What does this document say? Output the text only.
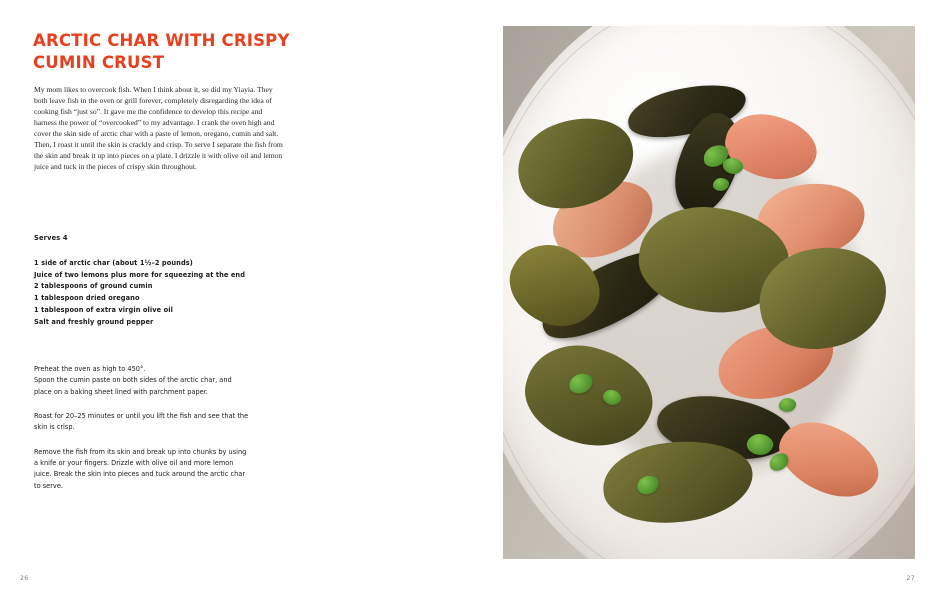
ARCTIC CHAR WITH CRISPY CUMIN CRUST
My mom likes to overcook fish. When I think about it, so did my Yiayia. They both leave fish in the oven or grill forever, completely disregarding the idea of cooking fish “just so”. It gave me the confidence to develop this recipe and harness the power of “overcooked” to my advantage. I crank the oven high and cover the skin side of arctic char with a paste of lemon, oregano, cumin and salt. Then, I roast it until the skin is crackly and crisp. To serve I separate the fish from the skin and break it up into pieces on a plate. I drizzle it with olive oil and lemon juice and tuck in the pieces of crispy skin throughout.
Serves 4
1 side of arctic char (about 1½–2 pounds)
Juice of two lemons plus more for squeezing at the end
2 tablespoons of ground cumin
1 tablespoon dried oregano
1 tablespoon of extra virgin olive oil
Salt and freshly ground pepper

Preheat the oven as high to 450°.
Spoon the cumin paste on both sides of the arctic char, and place on a baking sheet lined with parchment paper.

Roast for 20–25 minutes or until you lift the fish and see that the skin is crisp.

Remove the fish from its skin and break up into chunks by using a knife or your fingers. Drizzle with olive oil and more lemon juice. Break the skin into pieces and tuck around the arctic char to serve.

26	27
